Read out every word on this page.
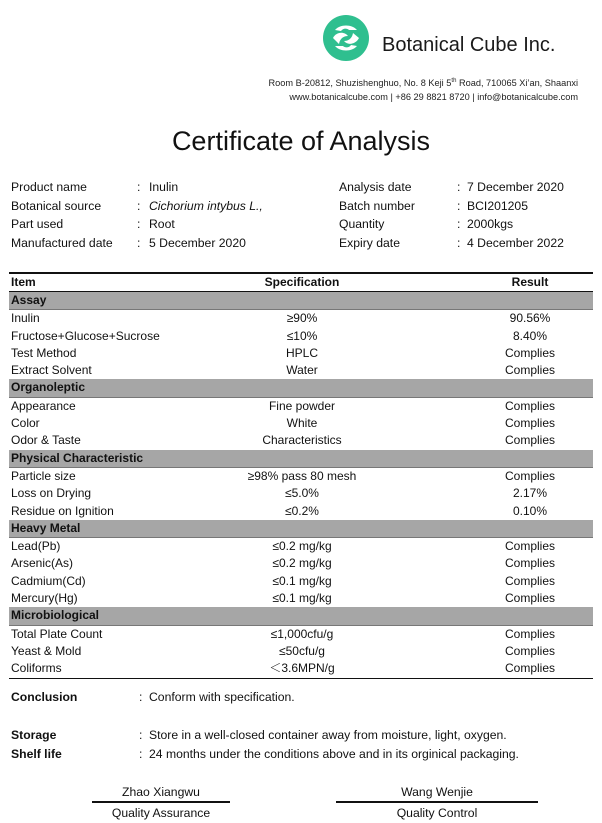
Botanical Cube Inc.
Room B-20812, Shuzishenghuo, No. 8 Keji 5th Road, 710065 Xi’an, Shaanxi
www.botanicalcube.com | +86 29 8821 8720 | info@botanicalcube.com
Certificate of Analysis
Product name	: Inulin
Botanical source	: Cichorium intybus L.,
Part used	: Root
Manufactured date : 5 December 2020
Analysis date	: 7 December 2020
Batch number	: BCI201205
Quantity	: 2000kgs
Expiry date	: 4 December 2022
Item	Specification	Result
Assay
Inulin	≥90%	90.56%
Fructose+Glucose+Sucrose	≤10%	8.40%
Test Method	HPLC	Complies
Extract Solvent	Water	Complies
Organoleptic
Appearance	Fine powder	Complies
Color	White	Complies
Odor & Taste	Characteristics	Complies
Physical Characteristic
Particle size	≥98% pass 80 mesh	Complies
Loss on Drying	≤5.0%	2.17%
Residue on Ignition	≤0.2%	0.10%
Heavy Metal
Lead(Pb)	≤0.2 mg/kg	Complies
Arsenic(As)	≤0.2 mg/kg	Complies
Cadmium(Cd)	≤0.1 mg/kg	Complies
Mercury(Hg)	≤0.1 mg/kg	Complies
Microbiological
Total Plate Count	≤1,000cfu/g	Complies
Yeast & Mold	≤50cfu/g	Complies
Coliforms	＜3.6MPN/g	Complies
Conclusion	: Conform with specification.
Storage	: Store in a well-closed container away from moisture, light, oxygen.
Shelf life	: 24 months under the conditions above and in its orginical packaging.
Zhao Xiangwu
Quality Assurance
Wang Wenjie
Quality Control
